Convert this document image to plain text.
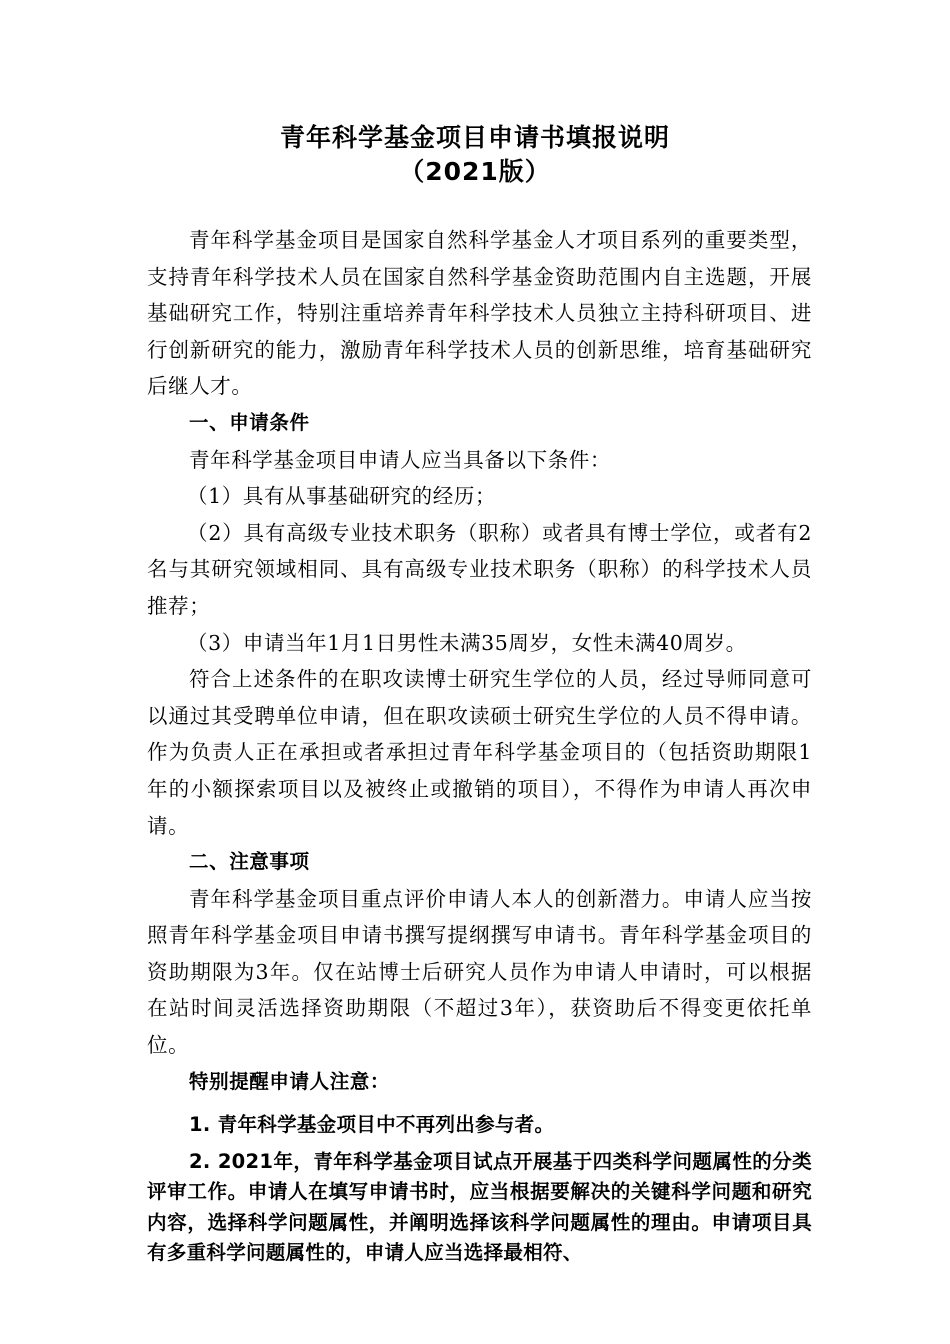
青年科学基金项目申请书填报说明
（2021版）

青年科学基金项目是国家自然科学基金人才项目系列的重要类型，支持青年科学技术人员在国家自然科学基金资助范围内自主选题，开展基础研究工作，特别注重培养青年科学技术人员独立主持科研项目、进行创新研究的能力，激励青年科学技术人员的创新思维，培育基础研究后继人才。

一、申请条件

青年科学基金项目申请人应当具备以下条件：

（1）具有从事基础研究的经历；

（2）具有高级专业技术职务（职称）或者具有博士学位，或者有2名与其研究领域相同、具有高级专业技术职务（职称）的科学技术人员推荐；

（3）申请当年1月1日男性未满35周岁，女性未满40周岁。

符合上述条件的在职攻读博士研究生学位的人员，经过导师同意可以通过其受聘单位申请，但在职攻读硕士研究生学位的人员不得申请。作为负责人正在承担或者承担过青年科学基金项目的（包括资助期限1年的小额探索项目以及被终止或撤销的项目），不得作为申请人再次申请。

二、注意事项

青年科学基金项目重点评价申请人本人的创新潜力。申请人应当按照青年科学基金项目申请书撰写提纲撰写申请书。青年科学基金项目的资助期限为3年。仅在站博士后研究人员作为申请人申请时，可以根据在站时间灵活选择资助期限（不超过3年），获资助后不得变更依托单位。

特别提醒申请人注意：

1. 青年科学基金项目中不再列出参与者。

2. 2021年，青年科学基金项目试点开展基于四类科学问题属性的分类评审工作。申请人在填写申请书时，应当根据要解决的关键科学问题和研究内容，选择科学问题属性，并阐明选择该科学问题属性的理由。申请项目具有多重科学问题属性的，申请人应当选择最相符、
